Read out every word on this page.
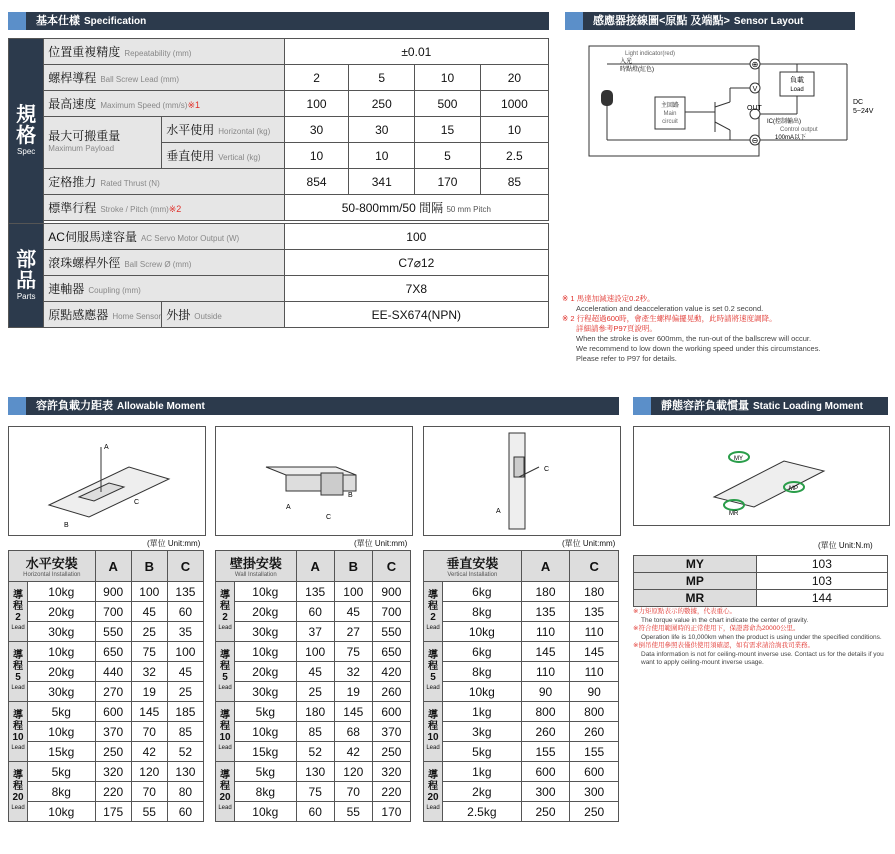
基本仕樣 Specification	感應器接線圖<原點 及端點> Sensor Layout
容許負載力距表 Allowable Moment	靜態容許負載慣量 Static Loading Moment
規
格
Spec	位置重複精度 Repeatability (mm)		±0.01			
	螺桿導程 Ball Screw Lead (mm)		2	5	10	20
	最高速度 Maximum Speed (mm/s)※1		100	250	500	1000
	最大可搬重量
Maximum Payload	水平使用 Horizontal (kg)	30	30	15	10
		垂直使用 Vertical (kg)	10	10	5	2.5
	定格推力 Rated Thrust (N)		854	341	170	85
	標準行程 Stroke / Pitch (mm)※2		50-800mm/50 間隔 50 mm Pitch			

部
品
Parts	AC伺服馬達容量 AC Servo Motor Output (W)		100			
	滾珠螺桿外徑 Ball Screw Ø (mm)		C7⌀12			
	連軸器 Coupling (mm)		7X8			
	原點感應器 Home Sensor	外掛 Outside	EE-SX674(NPN)			
Light indicator(red)
入光
時點燈(紅色)
主回路
Main
circuit
⊕
V
OUT
⊖
負載
Load
IC(控制輸出)
Control output
100mA以下
DC
5~24V
※ 1 馬達加減速設定0.2秒。
Acceleration and deacceleration value is set 0.2 second.
※ 2 行程超過600時，會產生螺桿偏擺晃動，此時請將速度調降。
詳細請參考P97頁說明。
When the stroke is over 600mm, the run-out of the ballscrew will occur.
We recommend to low down the working speed under this circumstances.
Please refer to P97 for details.
A
C
B
A
B
C
C
A
MY
MP
MR
(單位 Unit:mm)	(單位 Unit:mm)	(單位 Unit:mm)	(單位 Unit:N.m)
水平安裝
Horizontal Installation		A	B	C

導程
2
Lead	10kg	900	100	135
	20kg	700	45	60
	30kg	550	25	35

導程
5
Lead	10kg	650	75	100
	20kg	440	32	45
	30kg	270	19	25

導程
10
Lead	5kg	600	145	185
	10kg	370	70	85
	15kg	250	42	52

導程
20
Lead	5kg	320	120	130
	8kg	220	70	80
	10kg	175	55	60
壁掛安裝
Wall Installation		A	B	C

導程
2
Lead	10kg	135	100	900
	20kg	60	45	700
	30kg	37	27	550

導程
5
Lead	10kg	100	75	650
	20kg	45	32	420
	30kg	25	19	260

導程
10
Lead	5kg	180	145	600
	10kg	85	68	370
	15kg	52	42	250

導程
20
Lead	5kg	130	120	320
	8kg	75	70	220
	10kg	60	55	170
垂直安裝
Vertical Installation		A	C

導程
2
Lead	6kg	180	180
	8kg	135	135
	10kg	110	110

導程
5
Lead	6kg	145	145
	8kg	110	110
	10kg	90	90

導程
10
Lead	1kg	800	800
	3kg	260	260
	5kg	155	155

導程
20
Lead	1kg	600	600
	2kg	300	300
	2.5kg	250	250
MY	103
MP	103
MR	144
※力矩原點表示的數據，代表重心。
The torque value in the chart indicate the center of gravity.
※符合使用範圍時的正常使用下，保證壽命為20000公里。
Operation life is 10,000km when the product is using under the specified conditions.
※倒吊使用參照表僅供使用須確認，如有需求請洽詢我司業務。
Data information is not for ceiling-mount inverse use. Contact us for the details if you want to apply ceiling-mount inverse usage.
